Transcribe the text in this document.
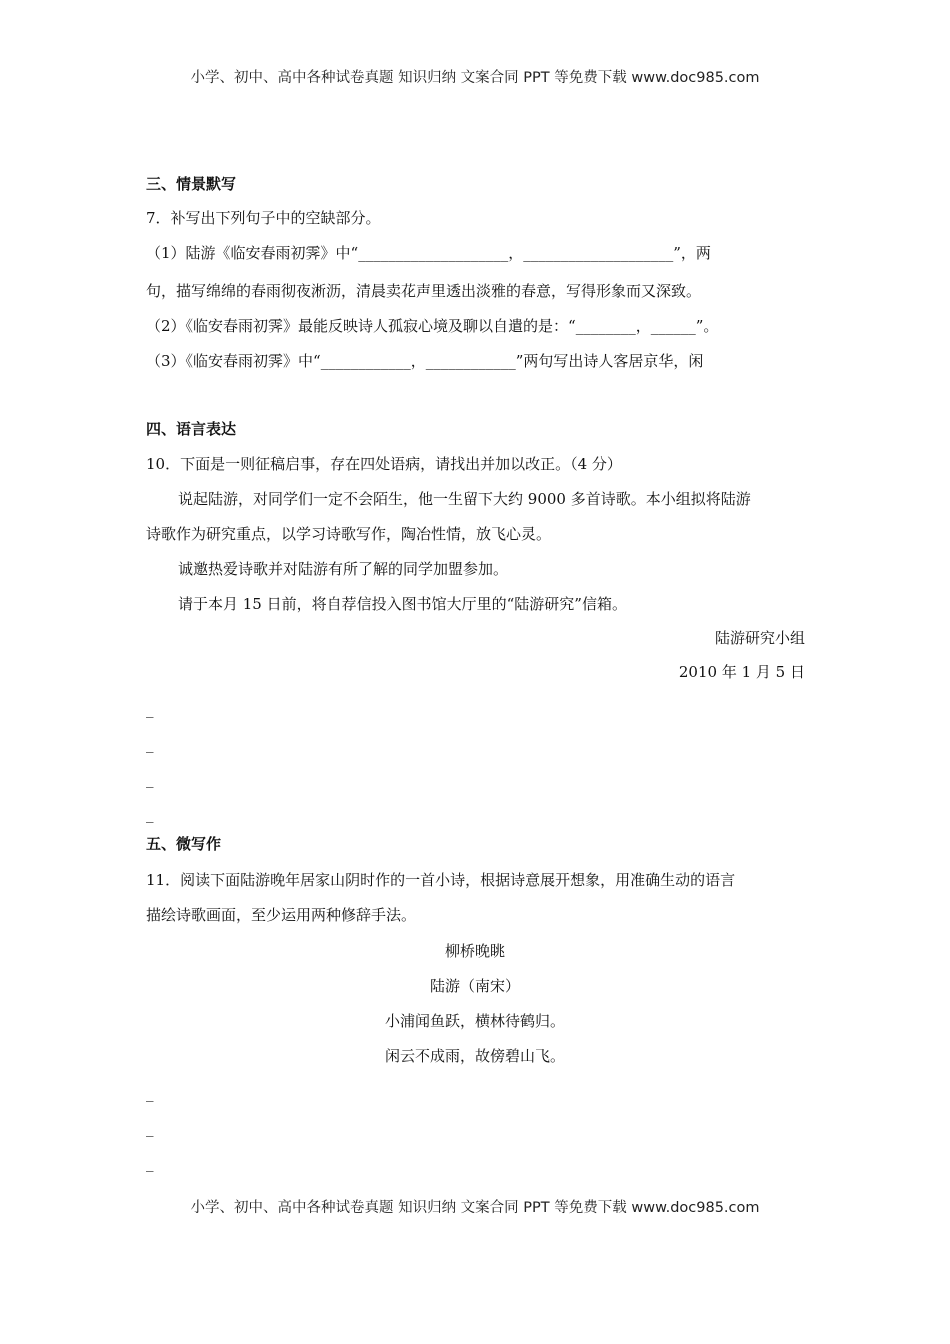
小学、初中、高中各种试卷真题 知识归纳 文案合同 PPT 等免费下载 www.doc985.com
三、情景默写
7．补写出下列句子中的空缺部分。
（1）陆游《临安春雨初霁》中“____________________，____________________”，两
句，描写绵绵的春雨彻夜淅沥，清晨卖花声里透出淡雅的春意，写得形象而又深致。
（2）《临安春雨初霁》最能反映诗人孤寂心境及聊以自遣的是：“________，______”。
（3）《临安春雨初霁》中“____________，____________”两句写出诗人客居京华，闲
四、语言表达
10．下面是一则征稿启事，存在四处语病，请找出并加以改正。（4 分）
说起陆游，对同学们一定不会陌生，他一生留下大约 9000 多首诗歌。本小组拟将陆游
诗歌作为研究重点，以学习诗歌写作，陶冶性情，放飞心灵。
诚邀热爱诗歌并对陆游有所了解的同学加盟参加。
请于本月 15 日前，将自荐信投入图书馆大厅里的“陆游研究”信箱。
陆游研究小组
2010 年 1 月 5 日
_
_
_
_
五、微写作
11．阅读下面陆游晚年居家山阴时作的一首小诗，根据诗意展开想象，用准确生动的语言
描绘诗歌画面，至少运用两种修辞手法。
柳桥晚眺
陆游（南宋）
小浦闻鱼跃，横林待鹤归。
闲云不成雨，故傍碧山飞。
_
_
_
小学、初中、高中各种试卷真题 知识归纳 文案合同 PPT 等免费下载 www.doc985.com
